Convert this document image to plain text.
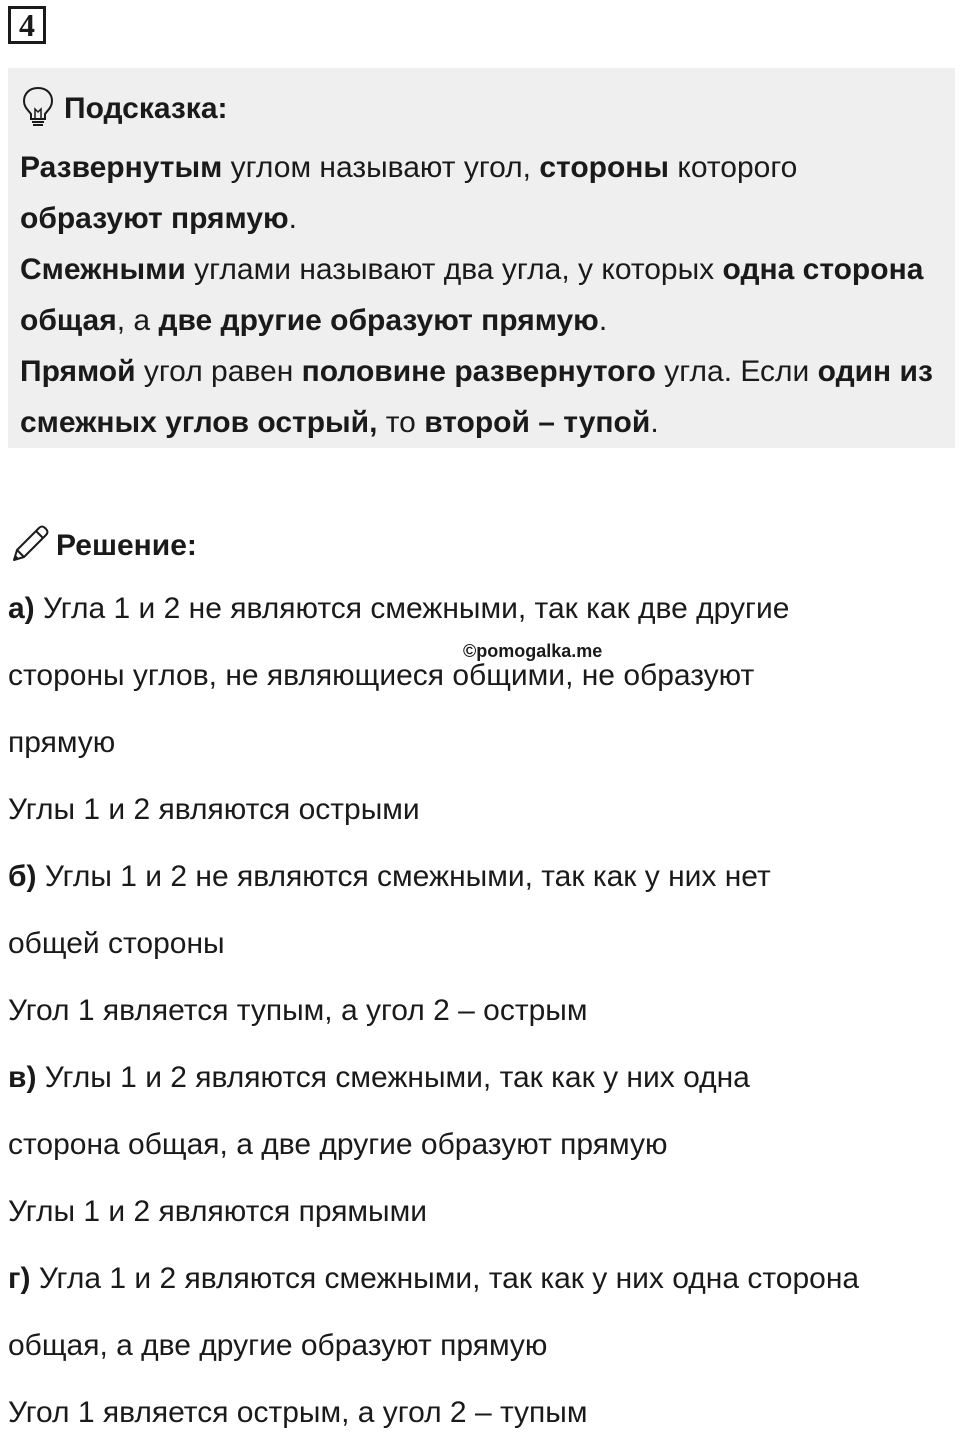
4
Подсказка:

Развернутым углом называют угол, стороны которого образуют прямую.

Смежными углами называют два угла, у которых одна сторона общая, а две другие образуют прямую.

Прямой угол равен половине развернутого угла. Если один из смежных углов острый, то второй – тупой.

Решение:
а) Угла 1 и 2 не являются смежными, так как две другие
стороны углов, не являющиеся общими, не образуют
прямую
Углы 1 и 2 являются острыми
б) Углы 1 и 2 не являются смежными, так как у них нет
общей стороны
Угол 1 является тупым, а угол 2 – острым
в) Углы 1 и 2 являются смежными, так как у них одна
сторона общая, а две другие образуют прямую
Углы 1 и 2 являются прямыми
г) Угла 1 и 2 являются смежными, так как у них одна сторона
общая, а две другие образуют прямую
Угол 1 является острым, а угол 2 – тупым
©pomogalka.me
